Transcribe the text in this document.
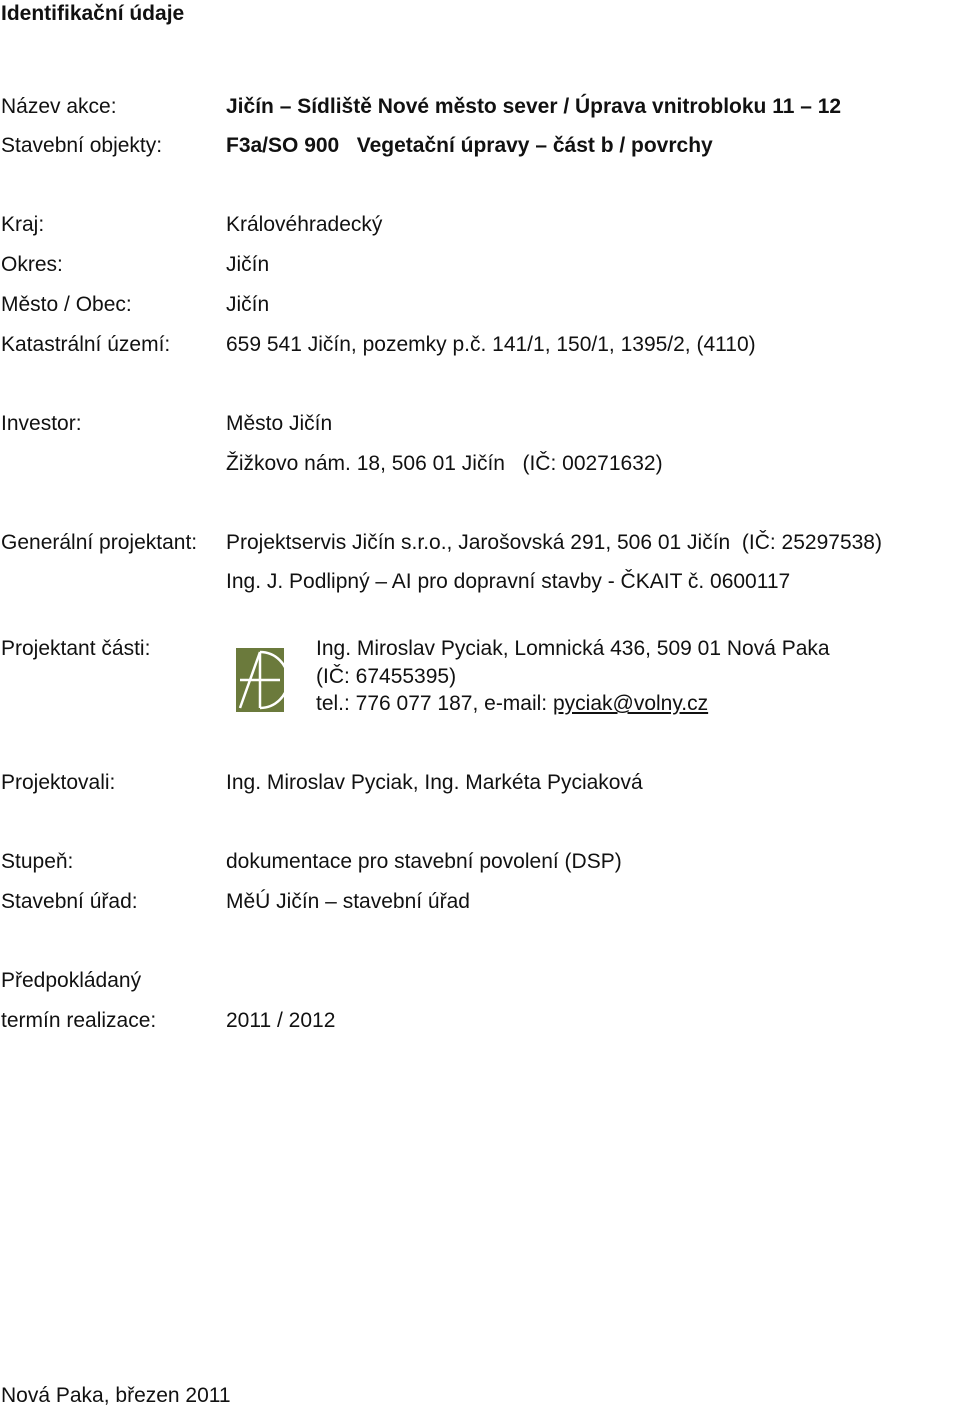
Identifikační údaje
Název akce:	Jičín – Sídliště Nové město sever / Úprava vnitrobloku 11 – 12
Stavební objekty:	F3a/SO 900   Vegetační úpravy – část b / povrchy
Kraj:	Královéhradecký
Okres:	Jičín
Město / Obec:	Jičín
Katastrální území:	659 541 Jičín, pozemky p.č. 141/1, 150/1, 1395/2, (4110)
Investor:	Město Jičín
Žižkovo nám. 18, 506 01 Jičín   (IČ: 00271632)
Generální projektant: Projektservis Jičín s.r.o., Jarošovská 291, 506 01 Jičín  (IČ: 25297538)
Ing. J. Podlipný – AI pro dopravní stavby - ČKAIT č. 0600117
Projektant části:	Ing. Miroslav Pyciak, Lomnická 436, 509 01 Nová Paka
(IČ: 67455395)
tel.: 776 077 187, e-mail: pyciak@volny.cz
Projektovali:	Ing. Miroslav Pyciak, Ing. Markéta Pyciaková
Stupeň:	dokumentace pro stavební povolení (DSP)
Stavební úřad:	MěÚ Jičín – stavební úřad
Předpokládaný
termín realizace:	2011 / 2012
Nová Paka, březen 2011
